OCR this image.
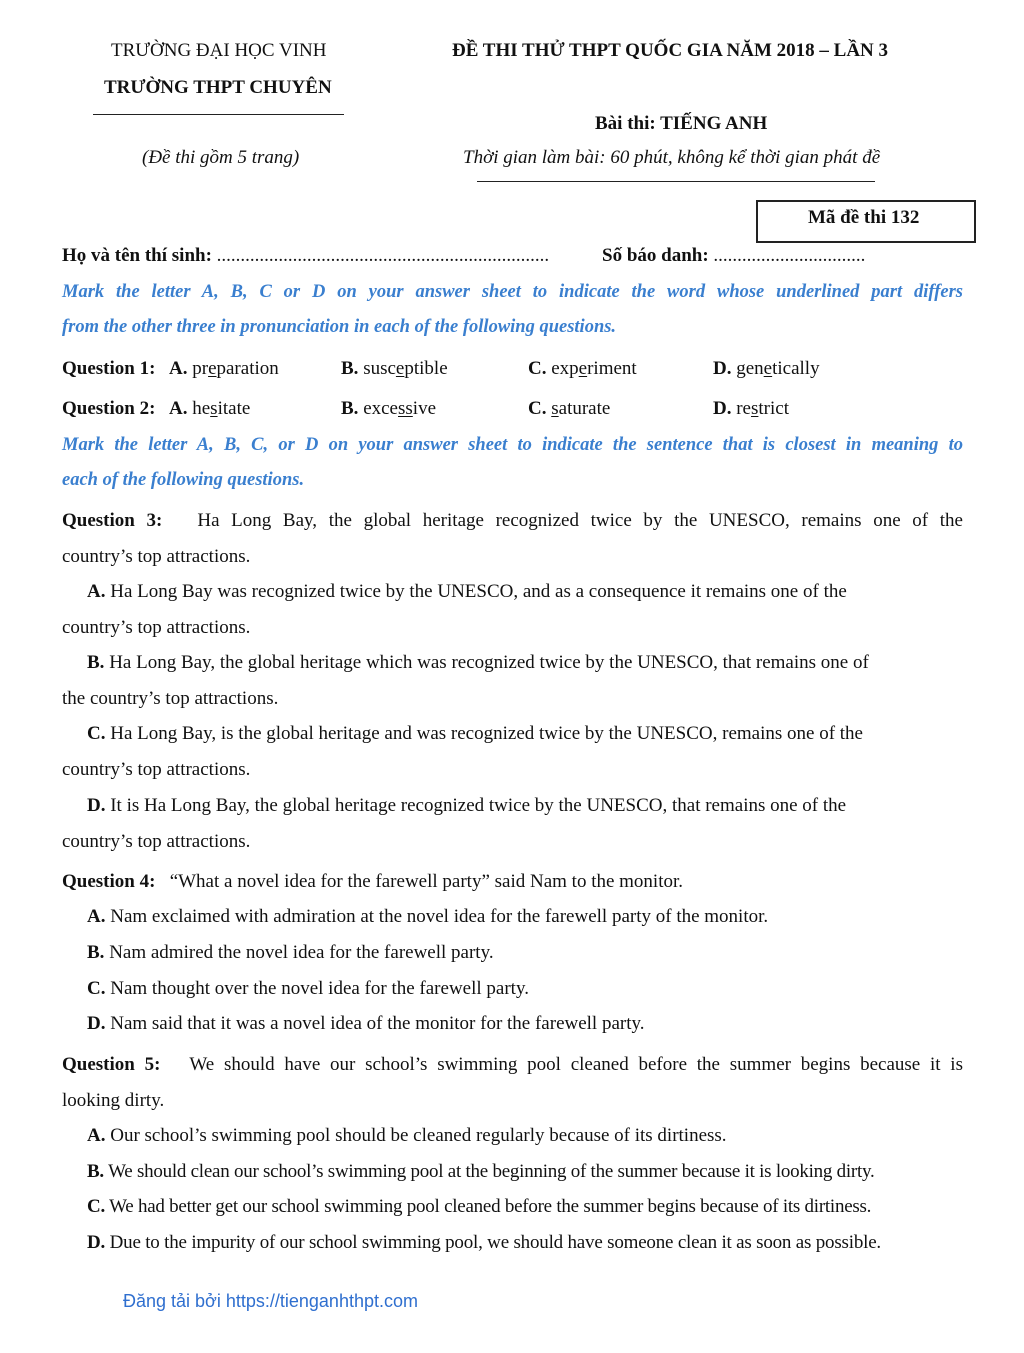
TRƯỜNG ĐẠI HỌC VINH
TRƯỜNG THPT CHUYÊN
(Đề thi gồm 5 trang)
ĐỀ THI THỬ THPT QUỐC GIA NĂM 2018 – LẦN 3
Bài thi: TIẾNG ANH
Thời gian làm bài: 60 phút, không kể thời gian phát đề
Mã đề thi 132
Họ và tên thí sinh: ......................................................................	Số báo danh: ................................
Mark the letter A, B, C or D on your answer sheet to indicate the word whose underlined part differs
from the other three in pronunciation in each of the following questions.
Question 1: A. preparation	B. susceptible	C. experiment	D. genetically
Question 2: A. hesitate	B. excessive	C. saturate	D. restrict
Mark the letter A, B, C, or D on your answer sheet to indicate the sentence that is closest in meaning to
each of the following questions.
Question 3: Ha Long Bay, the global heritage recognized twice by the UNESCO, remains one of the
country’s top attractions.
A. Ha Long Bay was recognized twice by the UNESCO, and as a consequence it remains one of the
country’s top attractions.
B. Ha Long Bay, the global heritage which was recognized twice by the UNESCO, that remains one of
the country’s top attractions.
C. Ha Long Bay, is the global heritage and was recognized twice by the UNESCO, remains one of the
country’s top attractions.
D. It is Ha Long Bay, the global heritage recognized twice by the UNESCO, that remains one of the
country’s top attractions.
Question 4: “What a novel idea for the farewell party” said Nam to the monitor.
A. Nam exclaimed with admiration at the novel idea for the farewell party of the monitor.
B. Nam admired the novel idea for the farewell party.
C. Nam thought over the novel idea for the farewell party.
D. Nam said that it was a novel idea of the monitor for the farewell party.
Question 5: We should have our school’s swimming pool cleaned before the summer begins because it is
looking dirty.
A. Our school’s swimming pool should be cleaned regularly because of its dirtiness.
B. We should clean our school’s swimming pool at the beginning of the summer because it is looking dirty.
C. We had better get our school swimming pool cleaned before the summer begins because of its dirtiness.
D. Due to the impurity of our school swimming pool, we should have someone clean it as soon as possible.
Đăng tải bởi https://tienganhthpt.com
